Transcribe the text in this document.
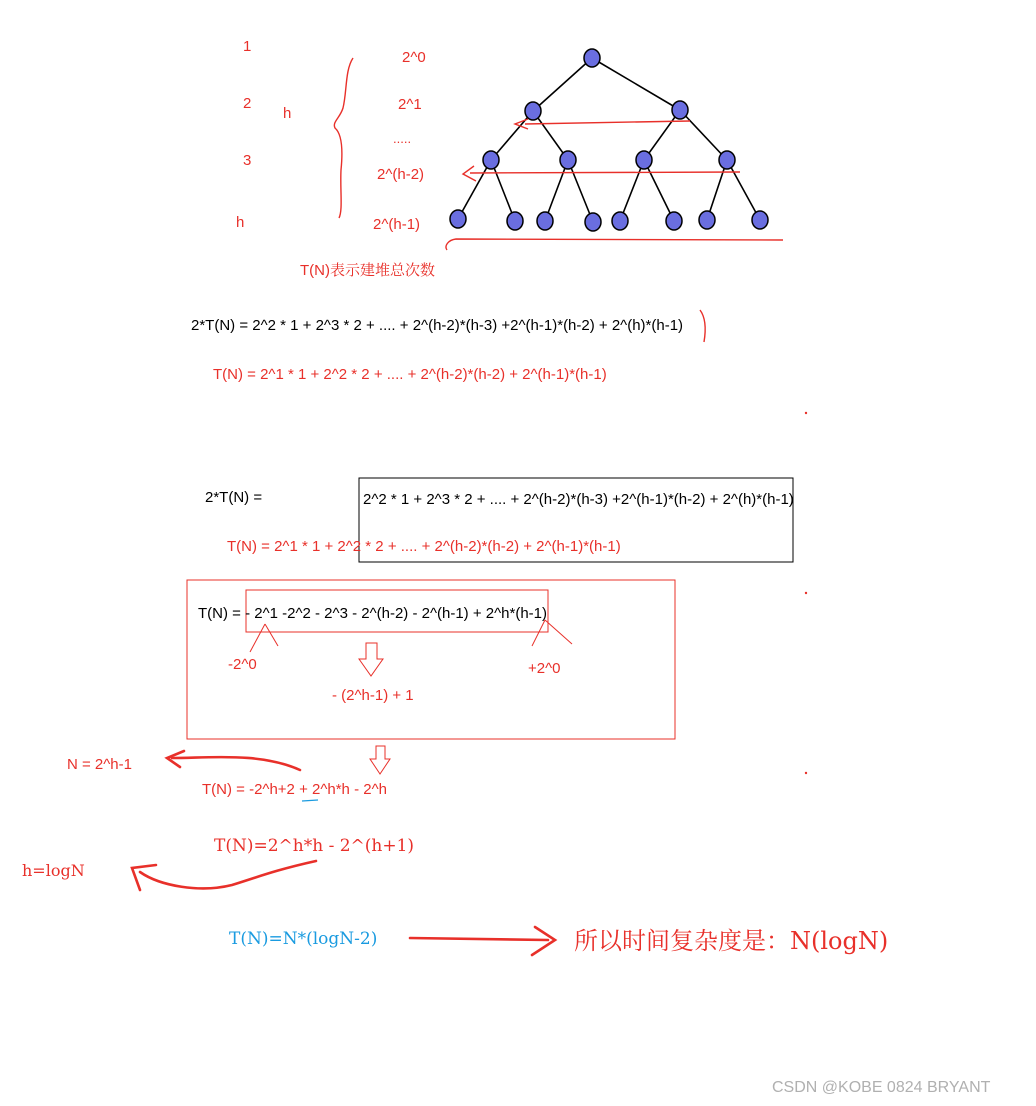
1
2
3
h
h
2^0
2^1
.....
2^(h-2)
2^(h-1)
T(N)表示建堆总次数
2*T(N) = 2^2 * 1 + 2^3 * 2 + .... + 2^(h-2)*(h-3) +2^(h-1)*(h-2) + 2^(h)*(h-1)
T(N) = 2^1 * 1 + 2^2 * 2 + .... + 2^(h-2)*(h-2) + 2^(h-1)*(h-1)
2*T(N) =	2^2 * 1 + 2^3 * 2 + .... + 2^(h-2)*(h-3) +2^(h-1)*(h-2) + 2^(h)*(h-1)
T(N) = 2^1 * 1 + 2^2 * 2 + .... + 2^(h-2)*(h-2) + 2^(h-1)*(h-1)
T(N) = - 2^1 -2^2 - 2^3 - 2^(h-2) - 2^(h-1) + 2^h*(h-1)
-2^0	+2^0
- (2^h-1) + 1
N = 2^h-1
T(N) = -2^h+2 + 2^h*h - 2^h
T(N)=2^h*h - 2^(h+1)
h=logN
T(N)=N*(logN-2)	所以时间复杂度是：N(logN)
CSDN @KOBE 0824 BRYANT
